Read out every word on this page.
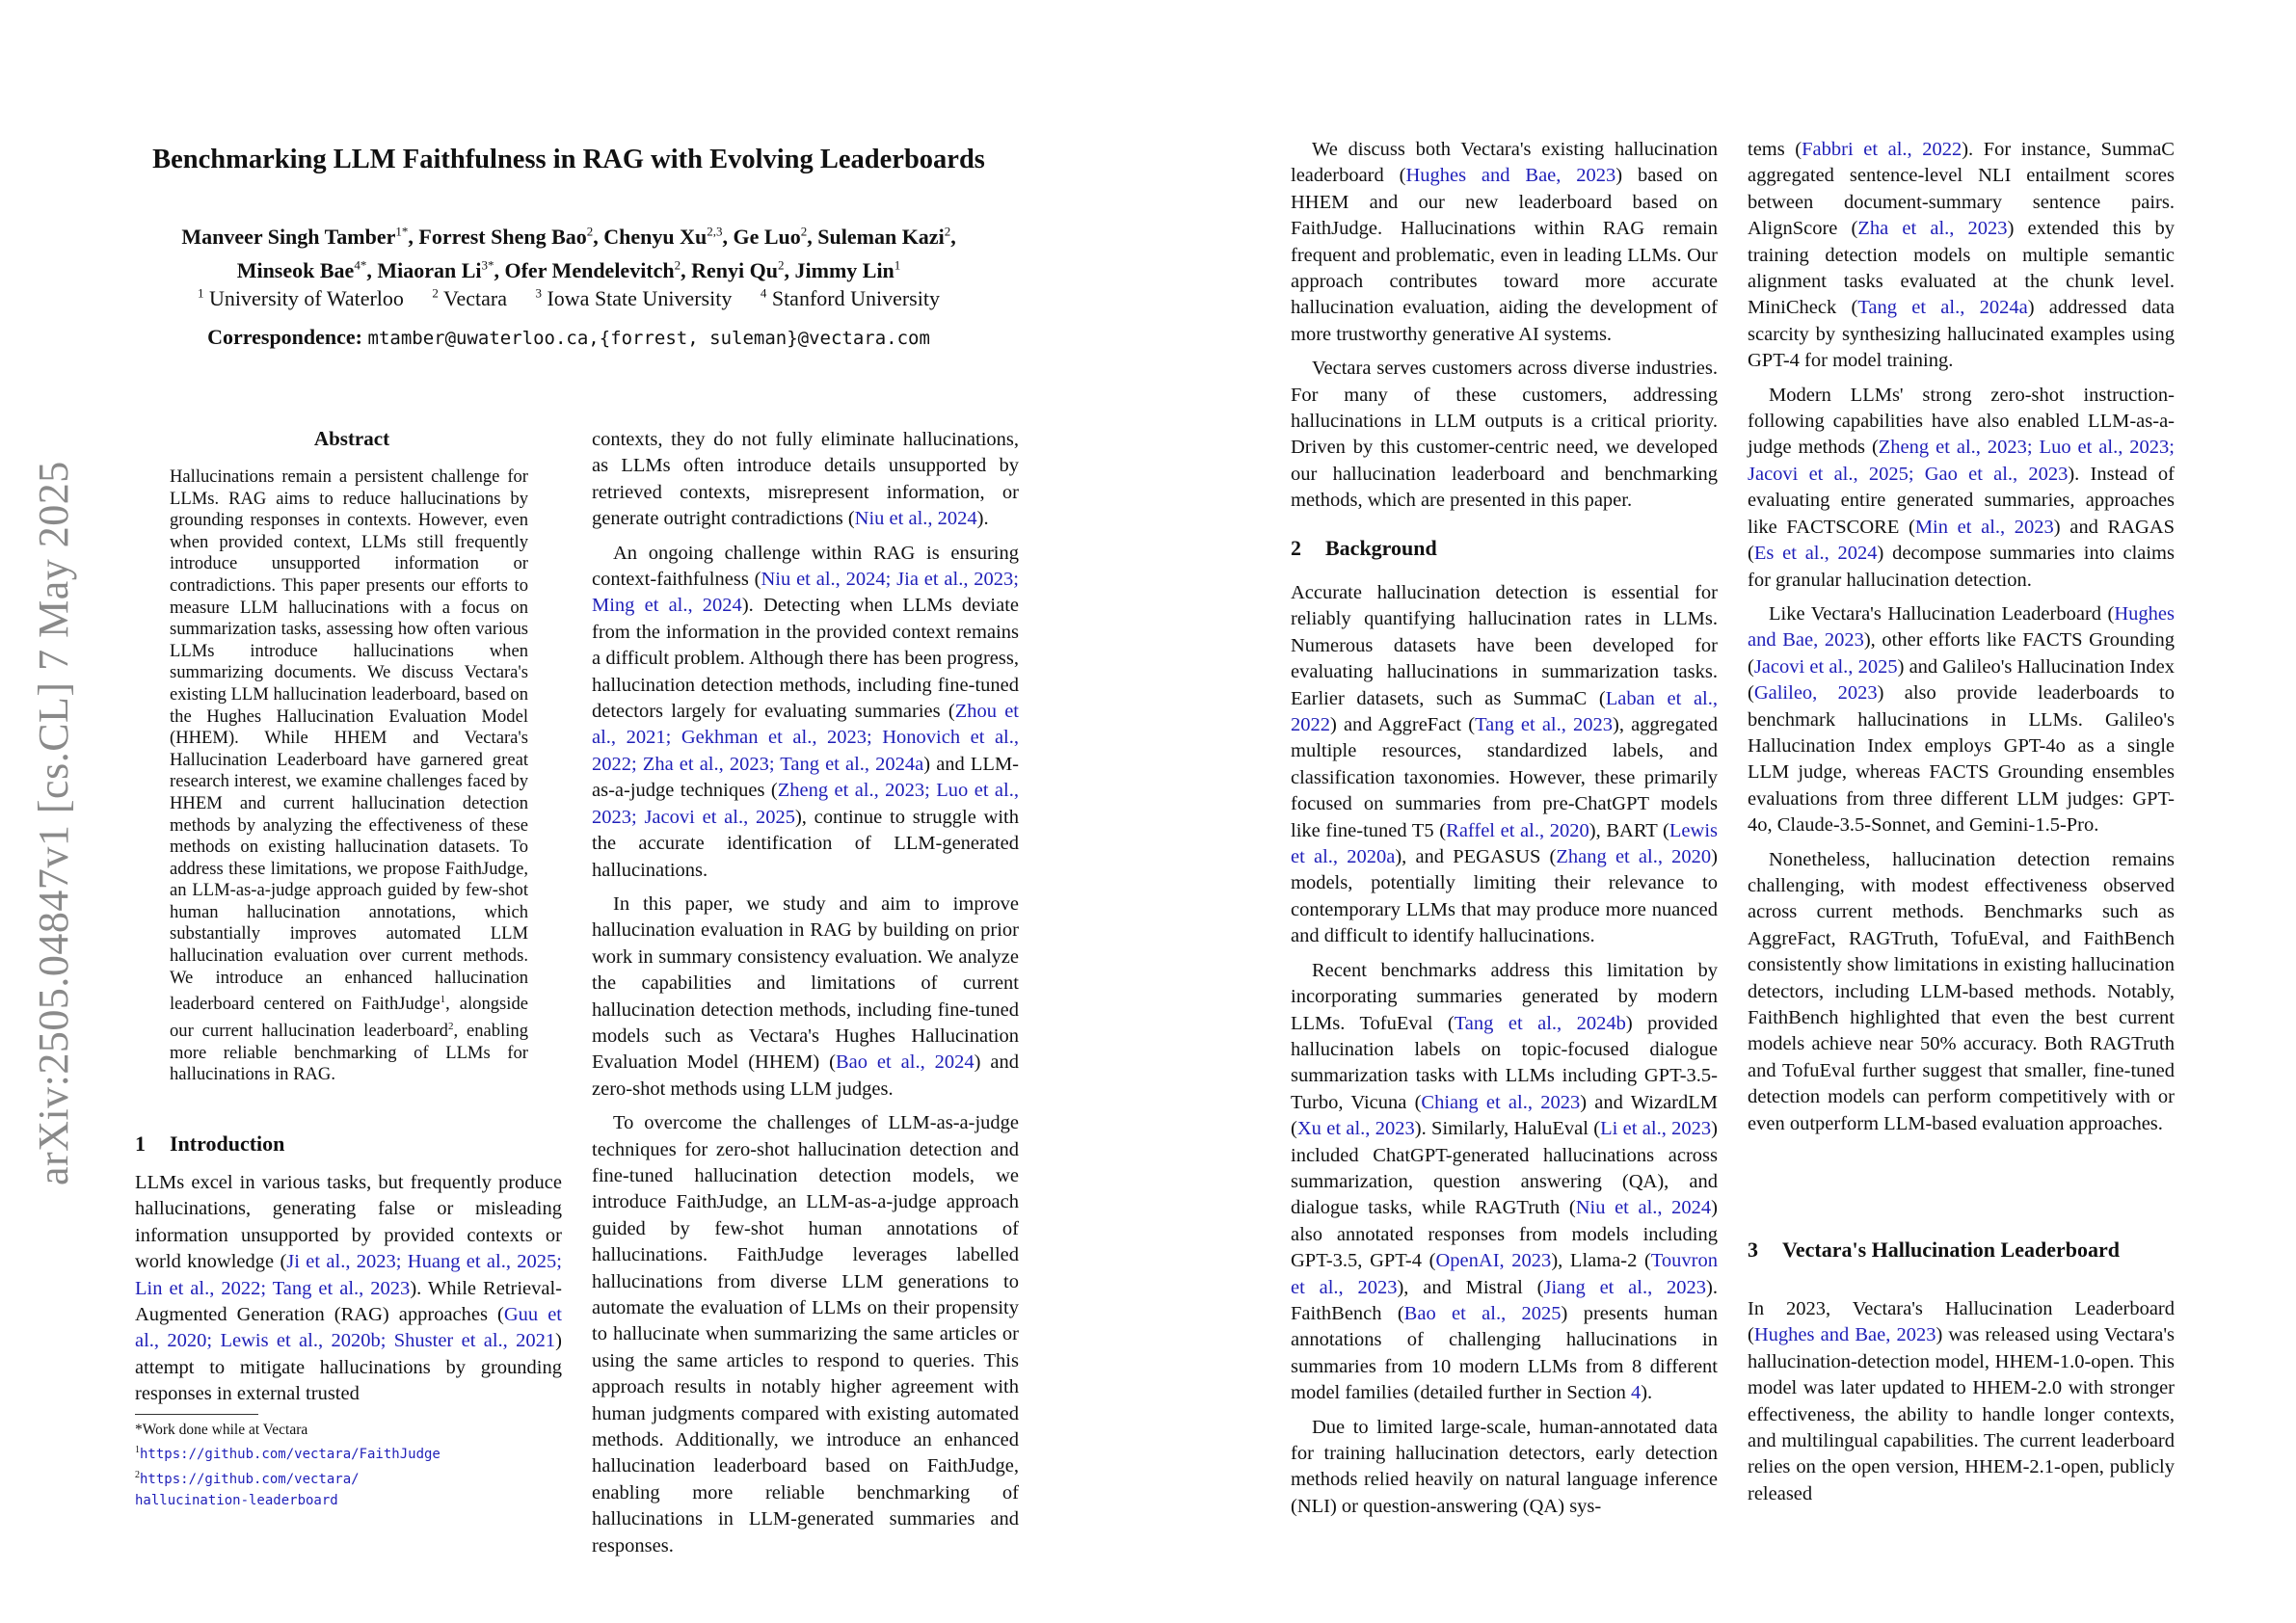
arXiv:2505.04847v1 [cs.CL] 7 May 2025
Benchmarking LLM Faithfulness in RAG with Evolving Leaderboards
Manveer Singh Tamber$^{1*}$, Forrest Sheng Bao$^2$, Chenyu Xu$^{2,3}$, Ge Luo$^2$, Suleman Kazi$^2$,
Minseok Bae$^{4*}$, Miaoran $Li^{3*}$, Ofer Mendelevitch$^2$, Renyi Qu$^2$, Jimmy Lin$^1$
$^1$ University of Waterloo $^2$ Vectara $^3$ Iowa State University $^4$ Stanford University
Correspondence: mtamber@uwaterloo.ca,{forrest, suleman}@vectara.com
Abstract
Hallucinations remain a persistent challenge for LLMs. RAG aims to reduce hallucinations by grounding responses in contexts. However, even when provided context, LLMs still frequently introduce unsupported information or contradictions. This paper presents our efforts to measure LLM hallucinations with a focus on summarization tasks, assessing how often various LLMs introduce hallucinations when summarizing documents. We discuss Vectara's existing LLM hallucination leaderboard, based on the Hughes Hallucination Evaluation Model (HHEM). While HHEM and Vectara's Hallucination Leaderboard have garnered great research interest, we examine challenges faced by HHEM and current hallucination detection methods by analyzing the effectiveness of these methods on existing hallucination datasets. To address these limitations, we propose FaithJudge, an LLM-as-a-judge approach guided by few-shot human hallucination annotations, which substantially improves automated LLM hallucination evaluation over current methods. We introduce an enhanced hallucination leaderboard centered on FaithJudge$^1$, alongside our current hallucination leaderboard$^2$, enabling more reliable benchmarking of LLMs for hallucinations in RAG.
1 Introduction

LLMs excel in various tasks, but frequently produce hallucinations, generating false or misleading information unsupported by provided contexts or world knowledge (Ji et al., 2023; Huang et al., 2025; Lin et al., 2022; Tang et al., 2023). While Retrieval-Augmented Generation (RAG) approaches (Guu et al., 2020; Lewis et al., 2020b; Shuster et al., 2021) attempt to mitigate hallucinations by grounding responses in external trusted

*Work done while at Vectara
$^1$https://github.com/vectara/FaithJudge
$^2$https://github.com/vectara/
hallucination-leaderboard

contexts, they do not fully eliminate hallucinations, as LLMs often introduce details unsupported by retrieved contexts, misrepresent information, or generate outright contradictions (Niu et al., 2024).

An ongoing challenge within RAG is ensuring context-faithfulness (Niu et al., 2024; Jia et al., 2023; Ming et al., 2024). Detecting when LLMs deviate from the information in the provided context remains a difficult problem. Although there has been progress, hallucination detection methods, including fine-tuned detectors largely for evaluating summaries (Zhou et al., 2021; Gekhman et al., 2023; Honovich et al., 2022; Zha et al., 2023; Tang et al., 2024a) and LLM-as-a-judge techniques (Zheng et al., 2023; Luo et al., 2023; Jacovi et al., 2025), continue to struggle with the accurate identification of LLM-generated hallucinations.

In this paper, we study and aim to improve hallucination evaluation in RAG by building on prior work in summary consistency evaluation. We analyze the capabilities and limitations of current hallucination detection methods, including fine-tuned models such as Vectara's Hughes Hallucination Evaluation Model (HHEM) (Bao et al., 2024) and zero-shot methods using LLM judges.

To overcome the challenges of LLM-as-a-judge techniques for zero-shot hallucination detection and fine-tuned hallucination detection models, we introduce FaithJudge, an LLM-as-a-judge approach guided by few-shot human annotations of hallucinations. FaithJudge leverages labelled hallucinations from diverse LLM generations to automate the evaluation of LLMs on their propensity to hallucinate when summarizing the same articles or using the same articles to respond to queries. This approach results in notably higher agreement with human judgments compared with existing automated methods. Additionally, we introduce an enhanced hallucination leaderboard based on FaithJudge, enabling more reliable benchmarking of hallucinations in LLM-generated summaries and responses.

We discuss both Vectara's existing hallucination leaderboard (Hughes and Bae, 2023) based on HHEM and our new leaderboard based on FaithJudge. Hallucinations within RAG remain frequent and problematic, even in leading LLMs. Our approach contributes toward more accurate hallucination evaluation, aiding the development of more trustworthy generative AI systems.

Vectara serves customers across diverse industries. For many of these customers, addressing hallucinations in LLM outputs is a critical priority. Driven by this customer-centric need, we developed our hallucination leaderboard and benchmarking methods, which are presented in this paper.

2 Background

Accurate hallucination detection is essential for reliably quantifying hallucination rates in LLMs. Numerous datasets have been developed for evaluating hallucinations in summarization tasks. Earlier datasets, such as SummaC (Laban et al., 2022) and AggreFact (Tang et al., 2023), aggregated multiple resources, standardized labels, and classification taxonomies. However, these primarily focused on summaries from pre-ChatGPT models like fine-tuned T5 (Raffel et al., 2020), BART (Lewis et al., 2020a), and PEGASUS (Zhang et al., 2020) models, potentially limiting their relevance to contemporary LLMs that may produce more nuanced and difficult to identify hallucinations.

Recent benchmarks address this limitation by incorporating summaries generated by modern LLMs. TofuEval (Tang et al., 2024b) provided hallucination labels on topic-focused dialogue summarization tasks with LLMs including GPT-3.5-Turbo, Vicuna (Chiang et al., 2023) and WizardLM (Xu et al., 2023). Similarly, HaluEval (Li et al., 2023) included ChatGPT-generated hallucinations across summarization, question answering (QA), and dialogue tasks, while RAGTruth (Niu et al., 2024) also annotated responses from models including GPT-3.5, GPT-4 (OpenAI, 2023), Llama-2 (Touvron et al., 2023), and Mistral (Jiang et al., 2023). FaithBench (Bao et al., 2025) presents human annotations of challenging hallucinations in summaries from 10 modern LLMs from 8 different model families (detailed further in Section 4).

Due to limited large-scale, human-annotated data for training hallucination detectors, early detection methods relied heavily on natural language inference (NLI) or question-answering (QA) sys-

tems (Fabbri et al., 2022). For instance, SummaC aggregated sentence-level NLI entailment scores between document-summary sentence pairs. AlignScore (Zha et al., 2023) extended this by training detection models on multiple semantic alignment tasks evaluated at the chunk level. MiniCheck (Tang et al., 2024a) addressed data scarcity by synthesizing hallucinated examples using GPT-4 for model training.

Modern LLMs' strong zero-shot instruction-following capabilities have also enabled LLM-as-a-judge methods (Zheng et al., 2023; Luo et al., 2023; Jacovi et al., 2025; Gao et al., 2023). Instead of evaluating entire generated summaries, approaches like FACTSCORE (Min et al., 2023) and RAGAS (Es et al., 2024) decompose summaries into claims for granular hallucination detection.

Like Vectara's Hallucination Leaderboard (Hughes and Bae, 2023), other efforts like FACTS Grounding (Jacovi et al., 2025) and Galileo's Hallucination Index (Galileo, 2023) also provide leaderboards to benchmark hallucinations in LLMs. Galileo's Hallucination Index employs GPT-4o as a single LLM judge, whereas FACTS Grounding ensembles evaluations from three different LLM judges: GPT-4o, Claude-3.5-Sonnet, and Gemini-1.5-Pro.

Nonetheless, hallucination detection remains challenging, with modest effectiveness observed across current methods. Benchmarks such as AggreFact, RAGTruth, TofuEval, and FaithBench consistently show limitations in existing hallucination detectors, including LLM-based methods. Notably, FaithBench highlighted that even the best current models achieve near 50% accuracy. Both RAGTruth and TofuEval further suggest that smaller, fine-tuned detection models can perform competitively with or even outperform LLM-based evaluation approaches.

3 Vectara's Hallucination Leaderboard

In 2023, Vectara's Hallucination Leaderboard (Hughes and Bae, 2023) was released using Vectara's hallucination-detection model, HHEM-1.0-open. This model was later updated to HHEM-2.0 with stronger effectiveness, the ability to handle longer contexts, and multilingual capabilities. The current leaderboard relies on the open version, HHEM-2.1-open, publicly released
